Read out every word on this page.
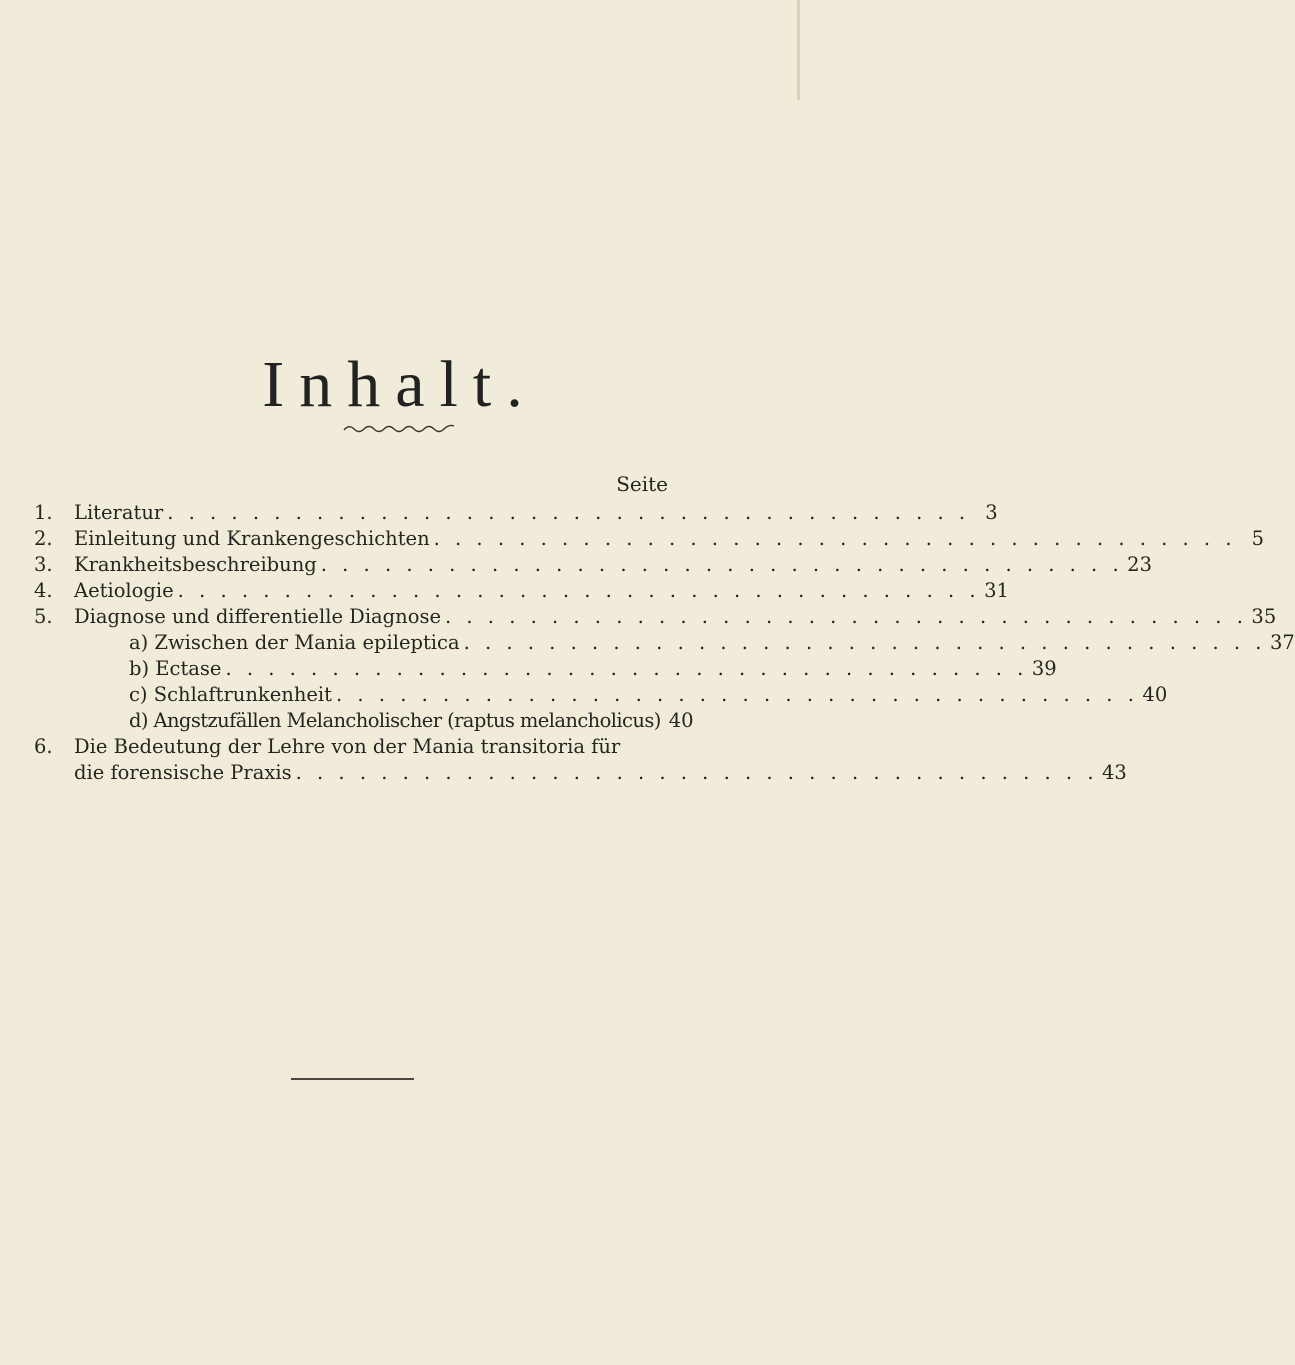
Inhalt.
Seite
1.	Literatur . . . . . . . . . . . . . . . . . . . . . . . . . . . . . . . . . . . . . . 3
2.	Einleitung und Krankengeschichten . . . . . . . . . . . . . . . . . . . . . . . . . . . . . . . . . . . . . . 5
3.	Krankheitsbeschreibung . . . . . . . . . . . . . . . . . . . . . . . . . . . . . . . . . . . . . . 23
4.	Aetiologie . . . . . . . . . . . . . . . . . . . . . . . . . . . . . . . . . . . . . . 31
5.	Diagnose und differentielle Diagnose . . . . . . . . . . . . . . . . . . . . . . . . . . . . . . . . . . . . . . 35
a) Zwischen der Mania epileptica . . . . . . . . . . . . . . . . . . . . . . . . . . . . . . . . . . . . . . 37
b) Ectase . . . . . . . . . . . . . . . . . . . . . . . . . . . . . . . . . . . . . . 39
c) Schlaftrunkenheit . . . . . . . . . . . . . . . . . . . . . . . . . . . . . . . . . . . . . . 40
d) Angstzufällen Melancholischer (raptus melancholicus) 40
6.	Die Bedeutung der Lehre von der Mania transitoria für
die forensische Praxis . . . . . . . . . . . . . . . . . . . . . . . . . . . . . . . . . . . . . . 43
